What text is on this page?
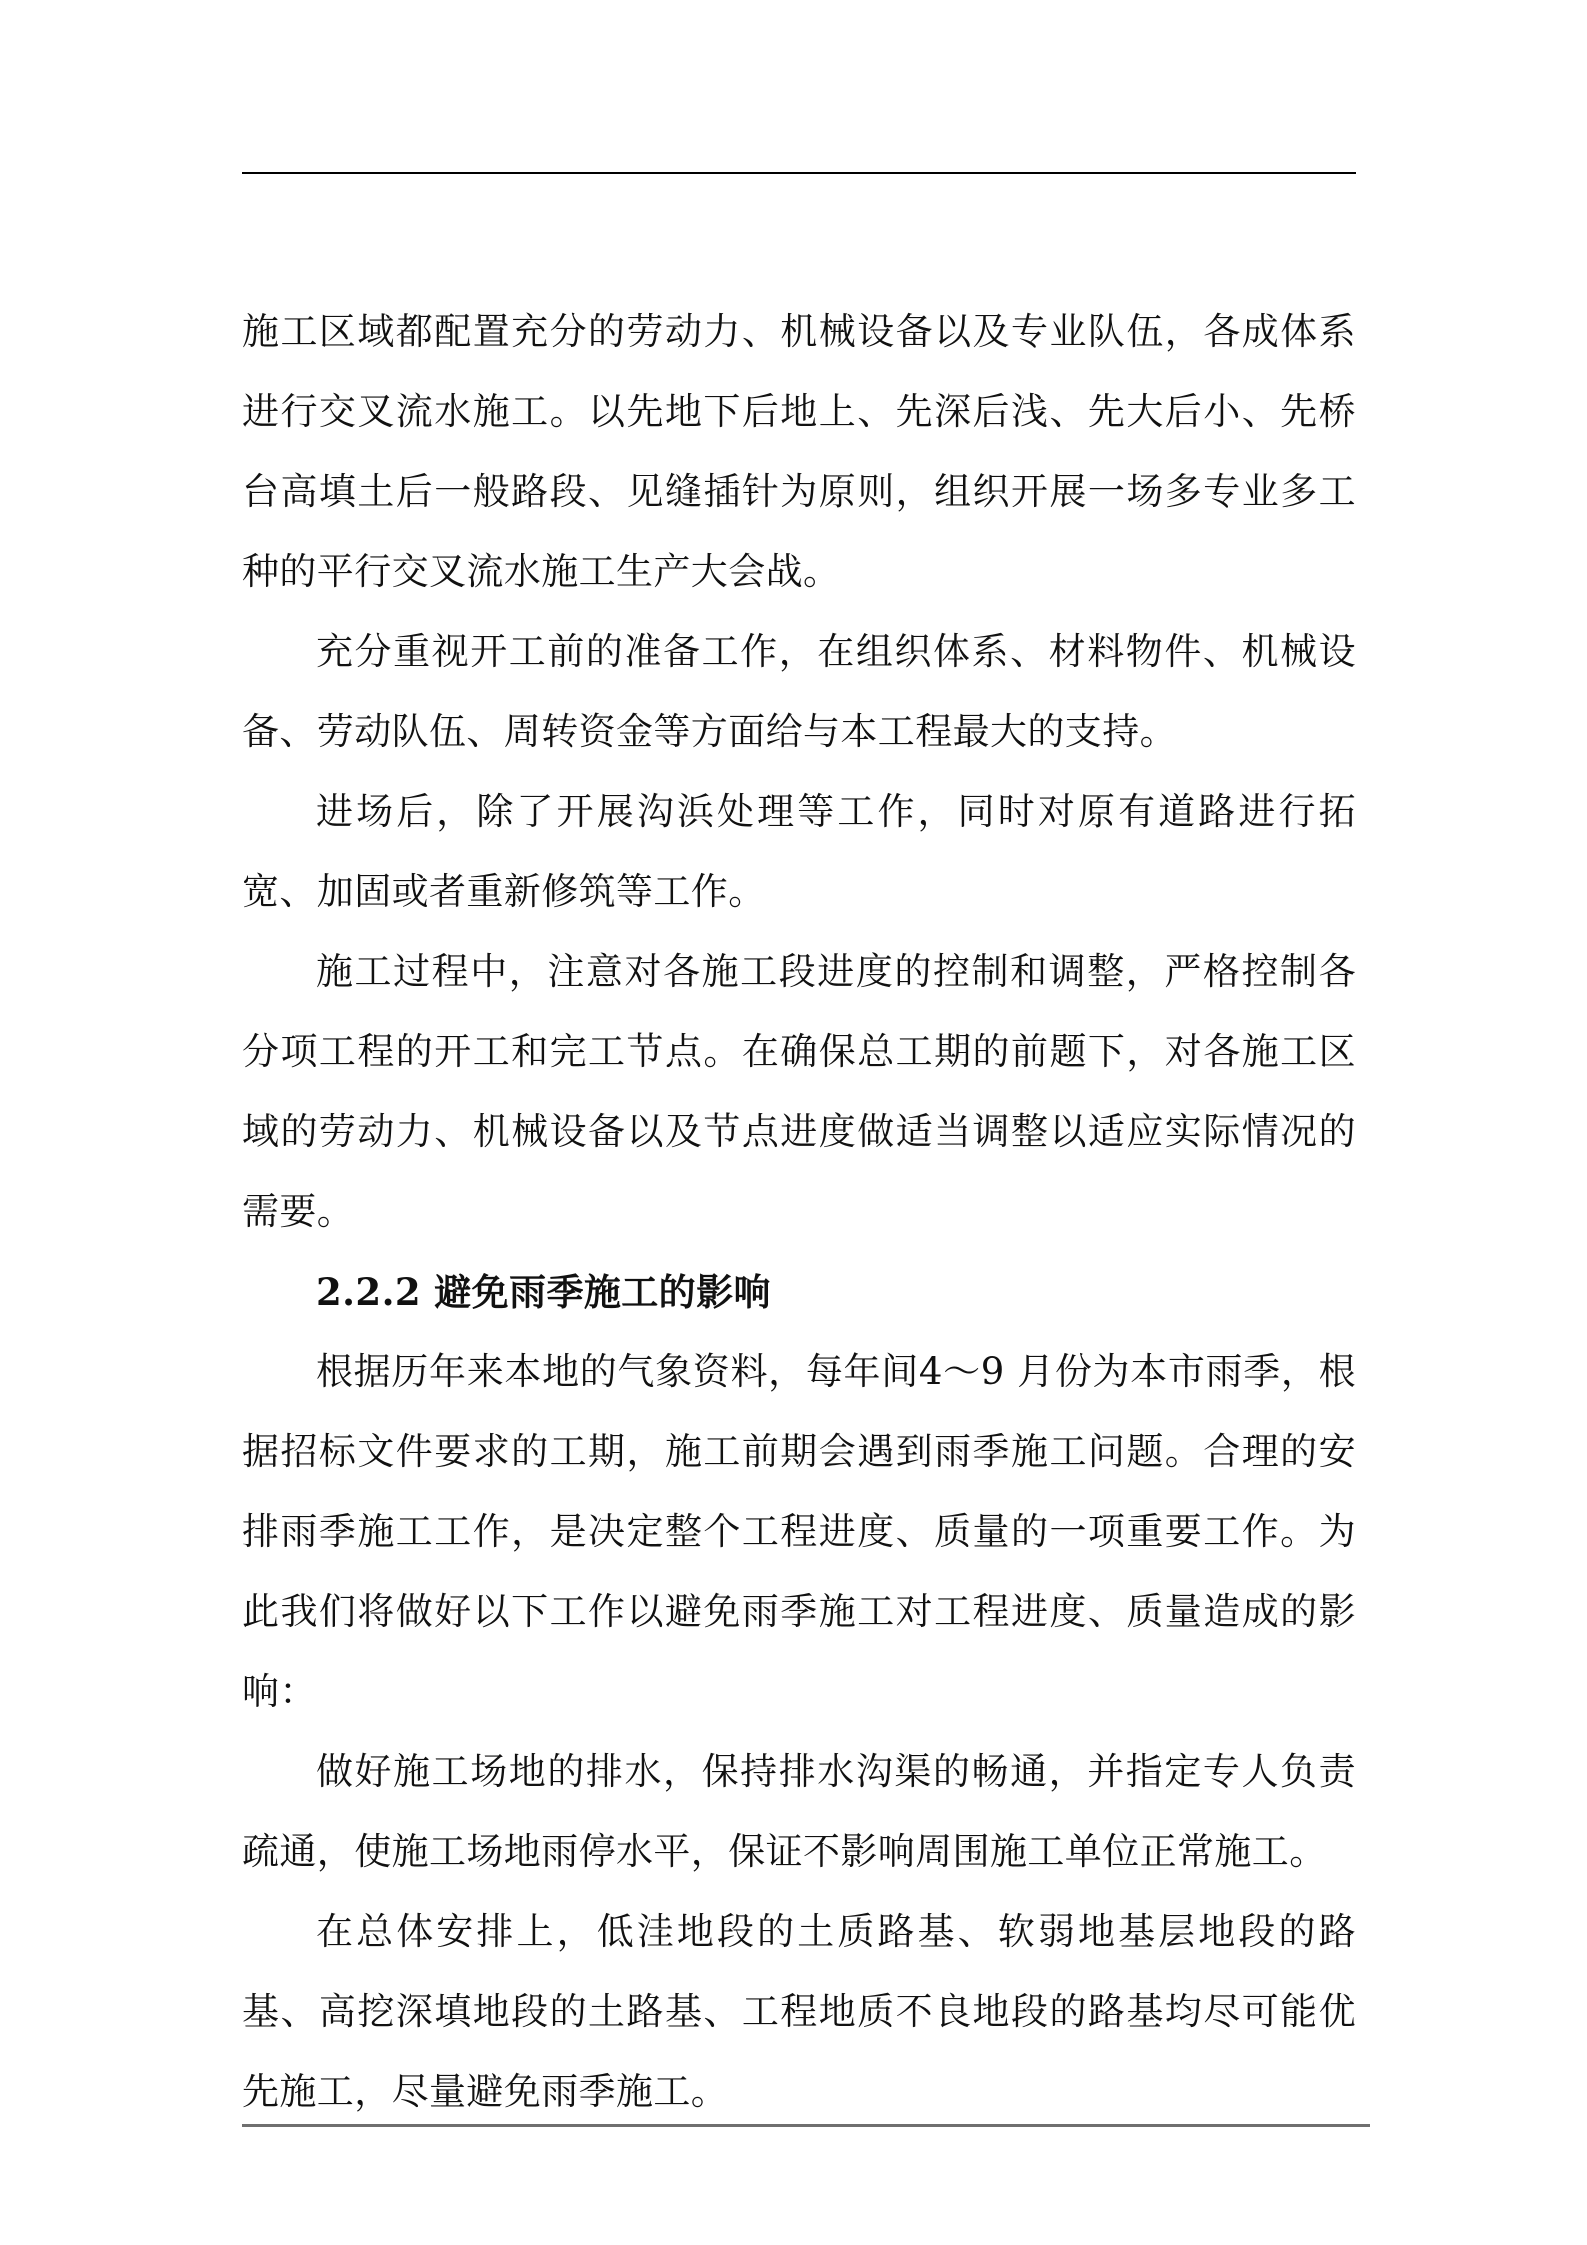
施工区域都配置充分的劳动力、机械设备以及专业队伍，各成体系进行交叉流水施工。以先地下后地上、先深后浅、先大后小、先桥台高填土后一般路段、见缝插针为原则，组织开展一场多专业多工种的平行交叉流水施工生产大会战。

充分重视开工前的准备工作，在组织体系、材料物件、机械设备、劳动队伍、周转资金等方面给与本工程最大的支持。

进场后，除了开展沟浜处理等工作，同时对原有道路进行拓宽、加固或者重新修筑等工作。

施工过程中，注意对各施工段进度的控制和调整，严格控制各分项工程的开工和完工节点。在确保总工期的前题下，对各施工区域的劳动力、机械设备以及节点进度做适当调整以适应实际情况的需要。

2.2.2 避免雨季施工的影响

根据历年来本地的气象资料，每年间4～9 月份为本市雨季，根据招标文件要求的工期，施工前期会遇到雨季施工问题。合理的安排雨季施工工作，是决定整个工程进度、质量的一项重要工作。为此我们将做好以下工作以避免雨季施工对工程进度、质量造成的影响：

做好施工场地的排水，保持排水沟渠的畅通，并指定专人负责疏通，使施工场地雨停水平，保证不影响周围施工单位正常施工。

在总体安排上，低洼地段的土质路基、软弱地基层地段的路基、高挖深填地段的土路基、工程地质不良地段的路基均尽可能优先施工，尽量避免雨季施工。
